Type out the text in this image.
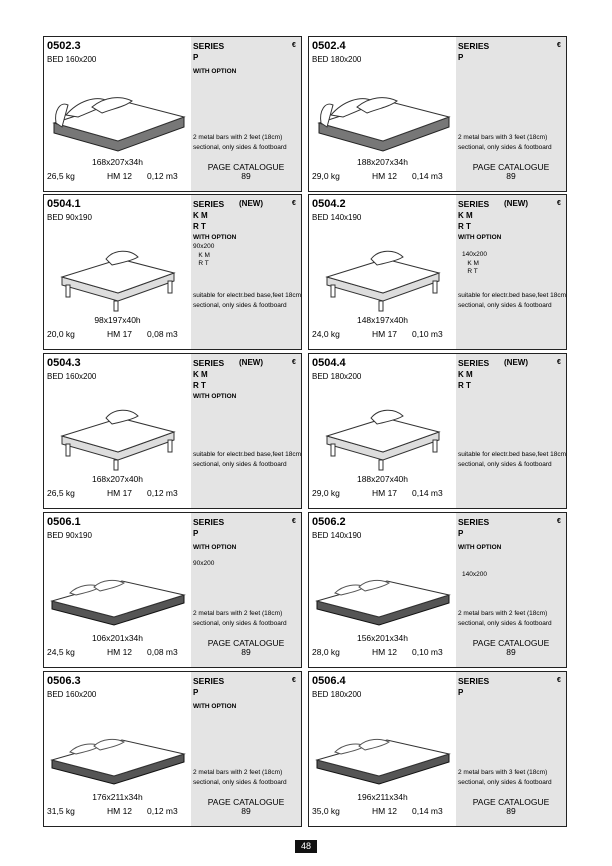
0502.3
BED 160x200
168x207x34h
26,5 kg	HM 12 0,12 m3
SERIES	€
P
WITH OPTION
2 metal bars with 2 feet (18cm)
sectional, only sides & footboard
PAGE CATALOGUE
89
0502.4
BED 180x200
188x207x34h
29,0 kg	HM 12 0,14 m3
SERIES	€
P
2 metal bars with 3 feet (18cm)
sectional, only sides & footboard
PAGE CATALOGUE
89
0504.1
BED 90x190
98x197x40h
20,0 kg	HM 17 0,08 m3
SERIES (NEW)	€
K M
R T
WITH OPTION
90x200
K M
R T
suitable for electr.bed base,feet 18cm
sectional, only sides & footboard
0504.2
BED 140x190
148x197x40h
24,0 kg	HM 17 0,10 m3
SERIES (NEW)	€
K M
R T
WITH OPTION
140x200
K M
R T
suitable for electr.bed base,feet 18cm
sectional, only sides & footboard
0504.3
BED 160x200
168x207x40h
26,5 kg	HM 17 0,12 m3
SERIES (NEW)	€
K M
R T
WITH OPTION
suitable for electr.bed base,feet 18cm
sectional, only sides & footboard
0504.4
BED 180x200
188x207x40h
29,0 kg	HM 17 0,14 m3
SERIES (NEW)	€
K M
R T
suitable for electr.bed base,feet 18cm
sectional, only sides & footboard
0506.1
BED 90x190
106x201x34h
24,5 kg	HM 12 0,08 m3
SERIES	€
P
WITH OPTION
90x200
2 metal bars with 2 feet (18cm)
sectional, only sides & footboard
PAGE CATALOGUE
89
0506.2
BED 140x190
156x201x34h
28,0 kg	HM 12 0,10 m3
SERIES	€
P
WITH OPTION
140x200
2 metal bars with 2 feet (18cm)
sectional, only sides & footboard
PAGE CATALOGUE
89
0506.3
BED 160x200
176x211x34h
31,5 kg	HM 12 0,12 m3
SERIES	€
P
WITH OPTION
2 metal bars with 2 feet (18cm)
sectional, only sides & footboard
PAGE CATALOGUE
89
0506.4
BED 180x200
196x211x34h
35,0 kg	HM 12 0,14 m3
SERIES	€
P
2 metal bars with 3 feet (18cm)
sectional, only sides & footboard
PAGE CATALOGUE
89
48
